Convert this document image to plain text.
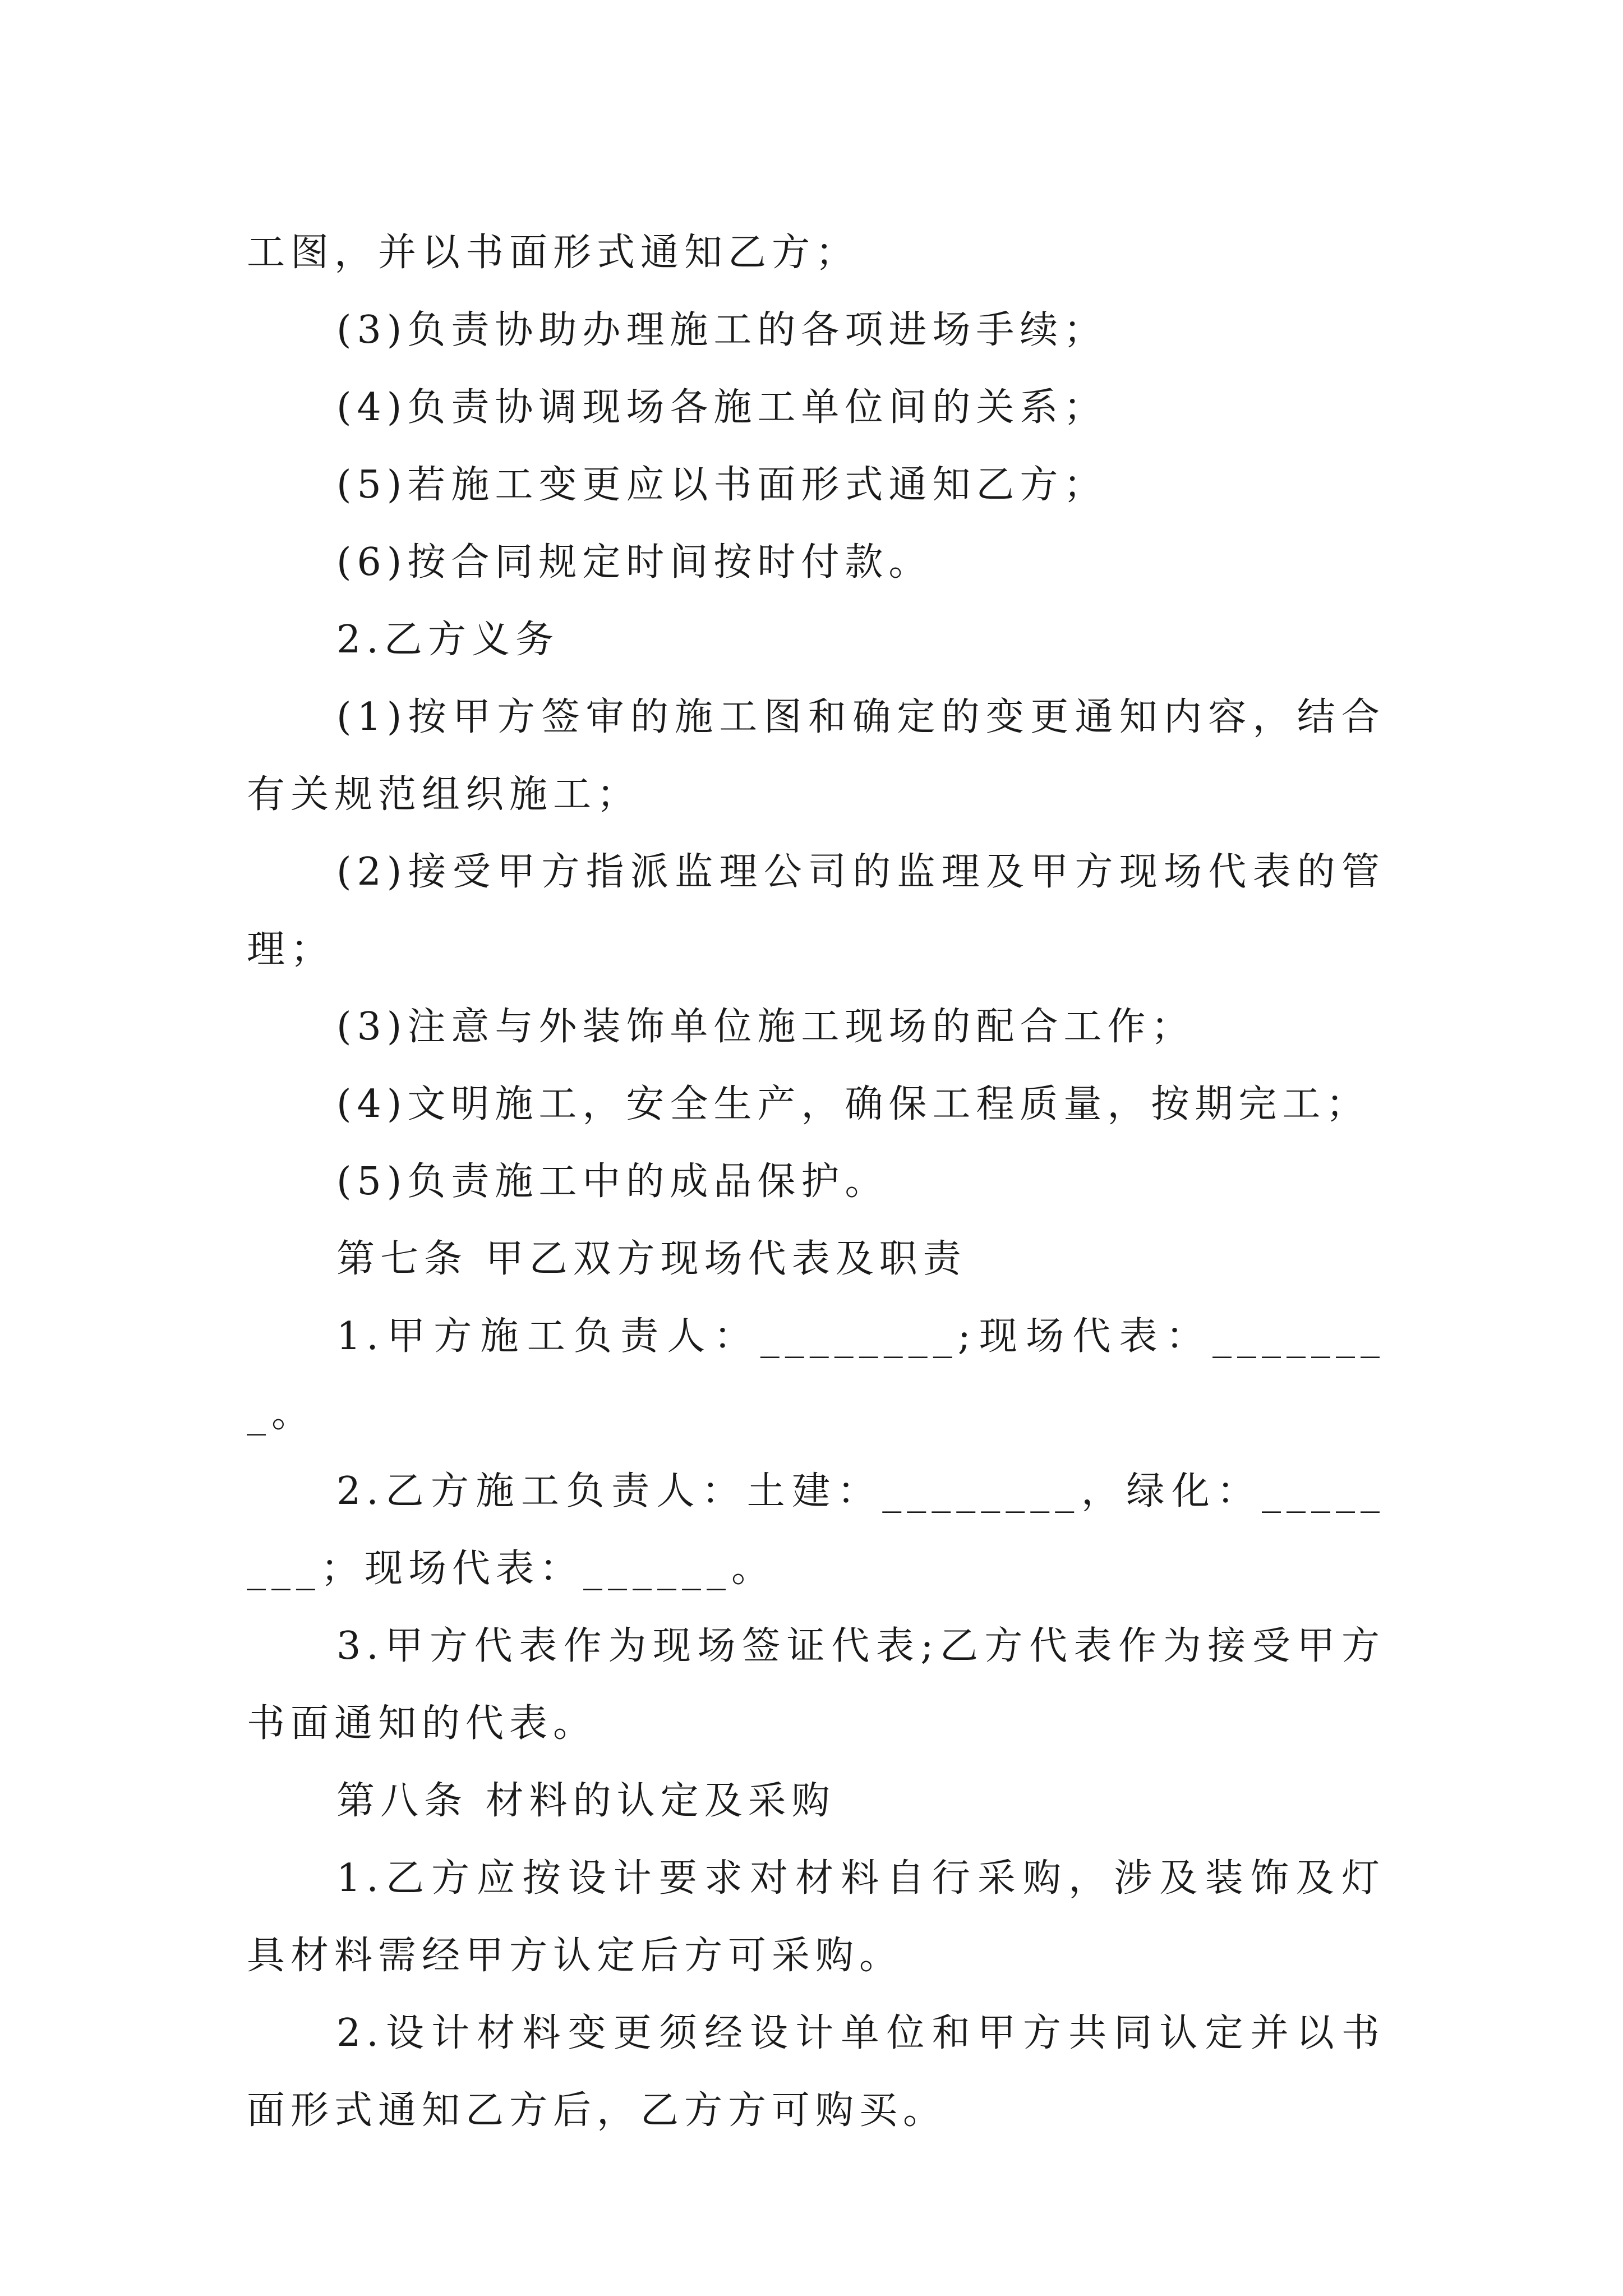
工图，并以书面形式通知乙方；

(3)负责协助办理施工的各项进场手续；

(4)负责协调现场各施工单位间的关系；

(5)若施工变更应以书面形式通知乙方；

(6)按合同规定时间按时付款。

2.乙方义务

(1)按甲方签审的施工图和确定的变更通知内容，结合有关规范组织施工；

(2)接受甲方指派监理公司的监理及甲方现场代表的管理；

(3)注意与外装饰单位施工现场的配合工作；

(4)文明施工，安全生产，确保工程质量，按期完工；

(5)负责施工中的成品保护。

第七条 甲乙双方现场代表及职责

1.甲方施工负责人：________;现场代表：________。

2.乙方施工负责人：土建：________，绿化：________；现场代表：______。

3.甲方代表作为现场签证代表;乙方代表作为接受甲方书面通知的代表。

第八条 材料的认定及采购

1.乙方应按设计要求对材料自行采购，涉及装饰及灯具材料需经甲方认定后方可采购。

2.设计材料变更须经设计单位和甲方共同认定并以书面形式通知乙方后，乙方方可购买。
